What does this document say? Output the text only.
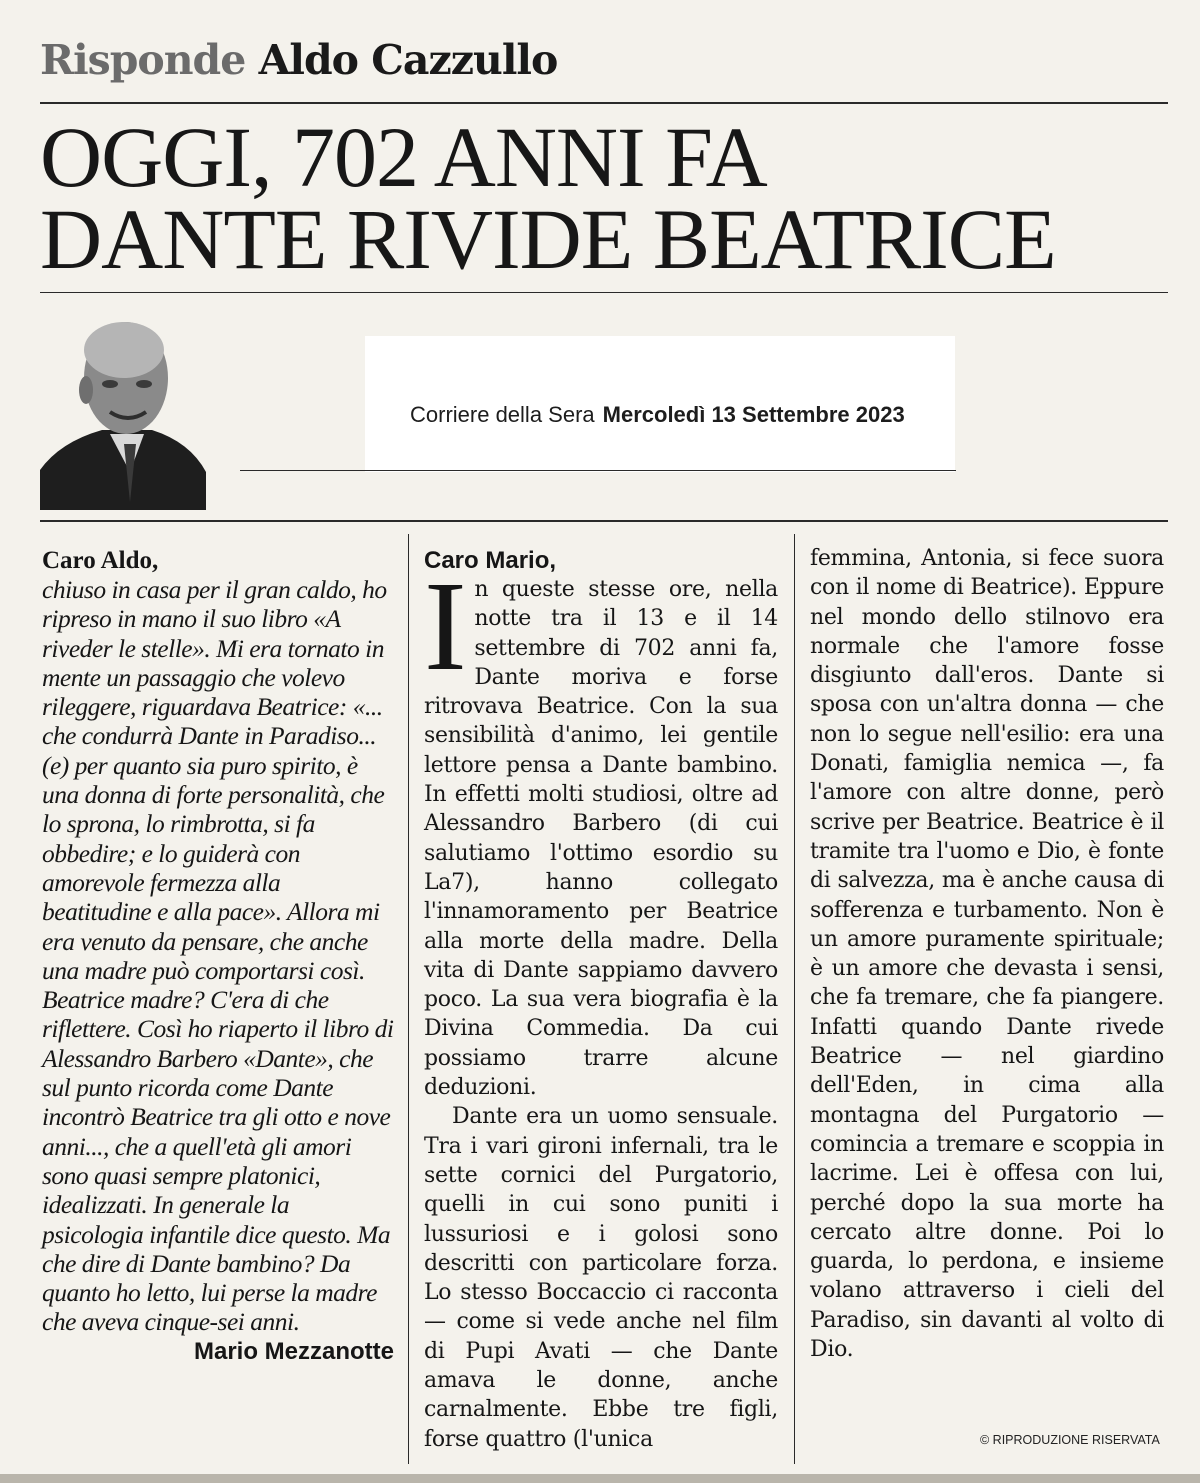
Risponde Aldo Cazzullo
OGGI, 702 ANNI FA
DANTE RIVIDE BEATRICE
Corriere della Sera Mercoledì 13 Settembre 2023

Caro Aldo,

chiuso in casa per il gran caldo, ho ripreso in mano il suo libro «A riveder le stelle». Mi era tornato in mente un passaggio che volevo rileggere, riguardava Beatrice: «... che condurrà Dante in Paradiso... (e) per quanto sia puro spirito, è una donna di forte personalità, che lo sprona, lo rimbrotta, si fa obbedire; e lo guiderà con amorevole fermezza alla beatitudine e alla pace». Allora mi era venuto da pensare, che anche una madre può comportarsi così. Beatrice madre? C'era di che riflettere. Così ho riaperto il libro di Alessandro Barbero «Dante», che sul punto ricorda come Dante incontrò Beatrice tra gli otto e nove anni..., che a quell'età gli amori sono quasi sempre platonici, idealizzati. In generale la psicologia infantile dice questo. Ma che dire di Dante bambino? Da quanto ho letto, lui perse la madre che aveva cinque-sei anni.

Mario Mezzanotte

Caro Mario,

In queste stesse ore, nella notte tra il 13 e il 14 settembre di 702 anni fa, Dante moriva e forse ritrovava Beatrice. Con la sua sensibilità d'animo, lei gentile lettore pensa a Dante bambino. In effetti molti studiosi, oltre ad Alessandro Barbero (di cui salutiamo l'ottimo esordio su La7), hanno collegato l'innamoramento per Beatrice alla morte della madre. Della vita di Dante sappiamo davvero poco. La sua vera biografia è la Divina Commedia. Da cui possiamo trarre alcune deduzioni.

Dante era un uomo sensuale. Tra i vari gironi infernali, tra le sette cornici del Purgatorio, quelli in cui sono puniti i lussuriosi e i golosi sono descritti con particolare forza. Lo stesso Boccaccio ci racconta — come si vede anche nel film di Pupi Avati — che Dante amava le donne, anche carnalmente. Ebbe tre figli, forse quattro (l'unica

femmina, Antonia, si fece suora con il nome di Beatrice). Eppure nel mondo dello stilnovo era normale che l'amore fosse disgiunto dall'eros. Dante si sposa con un'altra donna — che non lo segue nell'esilio: era una Donati, famiglia nemica —, fa l'amore con altre donne, però scrive per Beatrice. Beatrice è il tramite tra l'uomo e Dio, è fonte di salvezza, ma è anche causa di sofferenza e turbamento. Non è un amore puramente spirituale; è un amore che devasta i sensi, che fa tremare, che fa piangere. Infatti quando Dante rivede Beatrice — nel giardino dell'Eden, in cima alla montagna del Purgatorio — comincia a tremare e scoppia in lacrime. Lei è offesa con lui, perché dopo la sua morte ha cercato altre donne. Poi lo guarda, lo perdona, e insieme volano attraverso i cieli del Paradiso, sin davanti al volto di Dio.

© RIPRODUZIONE RISERVATA
